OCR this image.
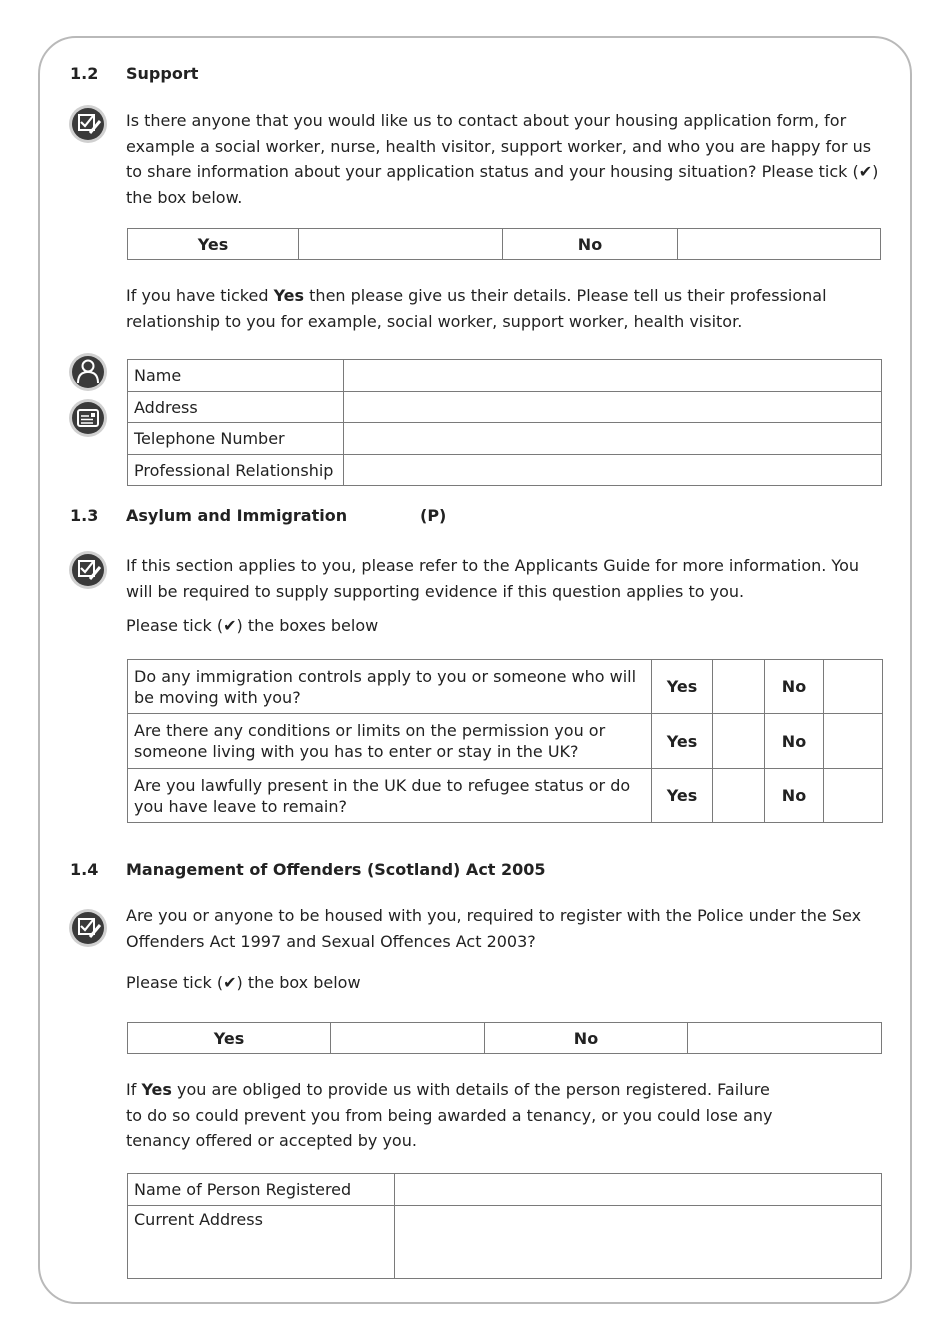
1.2 Support
Is there anyone that you would like us to contact about your housing application form, for example a social worker, nurse, health visitor, support worker, and who you are happy for us to share information about your application status and your housing situation? Please tick (✔) the box below.
Yes		No	
If you have ticked Yes then please give us their details. Please tell us their professional relationship to you for example, social worker, support worker, health visitor.
Name	
Address	
Telephone Number	
Professional Relationship	
1.3 Asylum and Immigration	(P)
If this section applies to you, please refer to the Applicants Guide for more information. You will be required to supply supporting evidence if this question applies to you.
Please tick (✔) the boxes below
Do any immigration controls apply to you or someone who will be moving with you?	Yes		No	
Are there any conditions or limits on the permission you or someone living with you has to enter or stay in the UK?	Yes		No	
Are you lawfully present in the UK due to refugee status or do you have leave to remain?	Yes		No	
1.4 Management of Offenders (Scotland) Act 2005
Are you or anyone to be housed with you, required to register with the Police under the Sex Offenders Act 1997 and Sexual Offences Act 2003?
Please tick (✔) the box below
Yes		No	
If Yes you are obliged to provide us with details of the person registered. Failure to do so could prevent you from being awarded a tenancy, or you could lose any tenancy offered or accepted by you.
Name of Person Registered	
Current Address	
